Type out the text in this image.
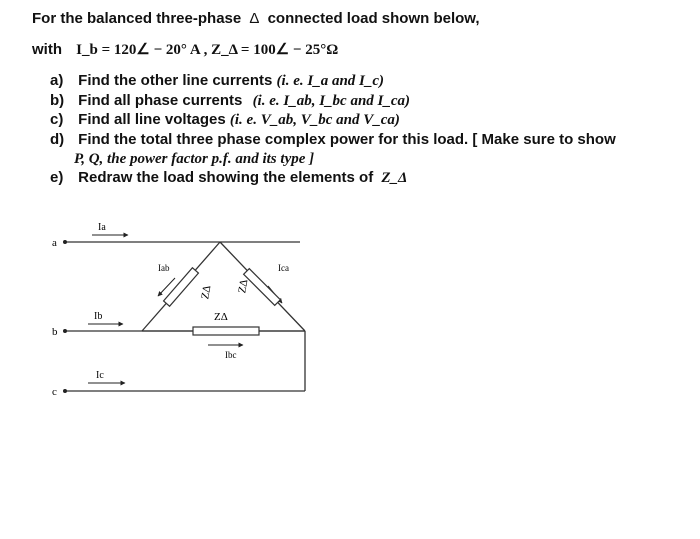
For the balanced three-phase Δ connected load shown below,
with I_b = 120∠ − 20° A , Z_Δ = 100∠ − 25°Ω
a) Find the other line currents (i. e. I_a and I_c)
b) Find all phase currents (i. e. I_ab, I_bc and I_ca)
c) Find all line voltages (i. e. V_ab, V_bc and V_ca)
d) Find the total three phase complex power for this load. [ Make sure to show
P, Q, the power factor p.f. and its type ]
e) Redraw the load showing the elements of Z_Δ
a
b
c
Ia
Ib
Ic
Iab	Ica
Ibc
ZΔ ZΔ
ZΔ
